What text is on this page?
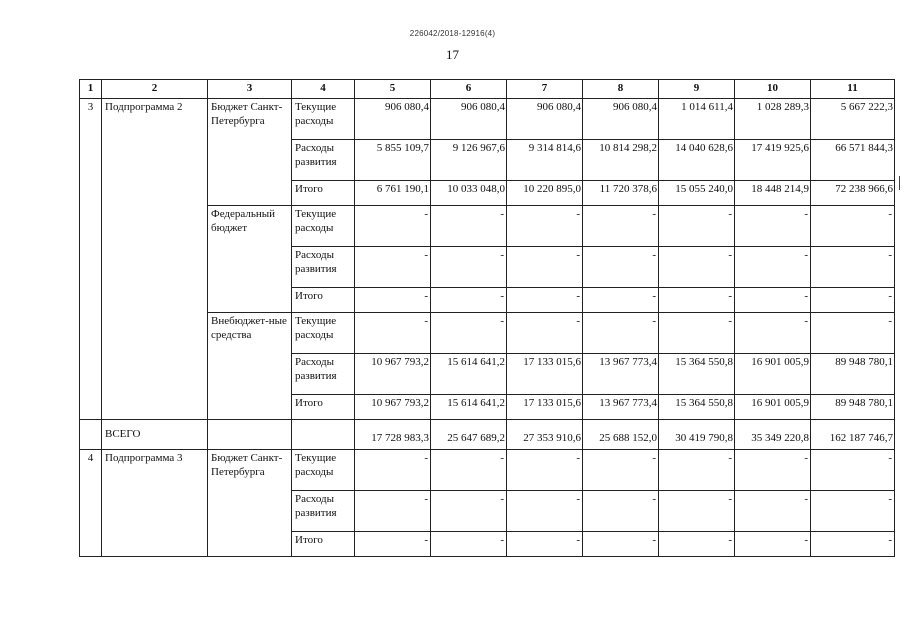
226042/2018-12916(4)
17
1	2	3	4	5	6	7	8	9	10	11
3	Подпрограмма 2	Бюджет Санкт-Петербурга	Текущие расходы	906 080,4	906 080,4	906 080,4	906 080,4	1 014 611,4	1 028 289,3	5 667 222,3
			Расходы развития	5 855 109,7	9 126 967,6	9 314 814,6	10 814 298,2	14 040 628,6	17 419 925,6	66 571 844,3
			Итого	6 761 190,1	10 033 048,0	10 220 895,0	11 720 378,6	15 055 240,0	18 448 214,9	72 238 966,6
		Федеральный бюджет	Текущие расходы	-	-	-	-	-	-	-
			Расходы развития	-	-	-	-	-	-	-
			Итого	-	-	-	-	-	-	-
		Внебюджет-ные средства	Текущие расходы	-	-	-	-	-	-	-
			Расходы развития	10 967 793,2	15 614 641,2	17 133 015,6	13 967 773,4	15 364 550,8	16 901 005,9	89 948 780,1
			Итого	10 967 793,2	15 614 641,2	17 133 015,6	13 967 773,4	15 364 550,8	16 901 005,9	89 948 780,1
	ВСЕГО			17 728 983,3	25 647 689,2	27 353 910,6	25 688 152,0	30 419 790,8	35 349 220,8	162 187 746,7
4	Подпрограмма 3	Бюджет Санкт-Петербурга	Текущие расходы	-	-	-	-	-	-	-
			Расходы развития	-	-	-	-	-	-	-
			Итого	-	-	-	-	-	-	-
